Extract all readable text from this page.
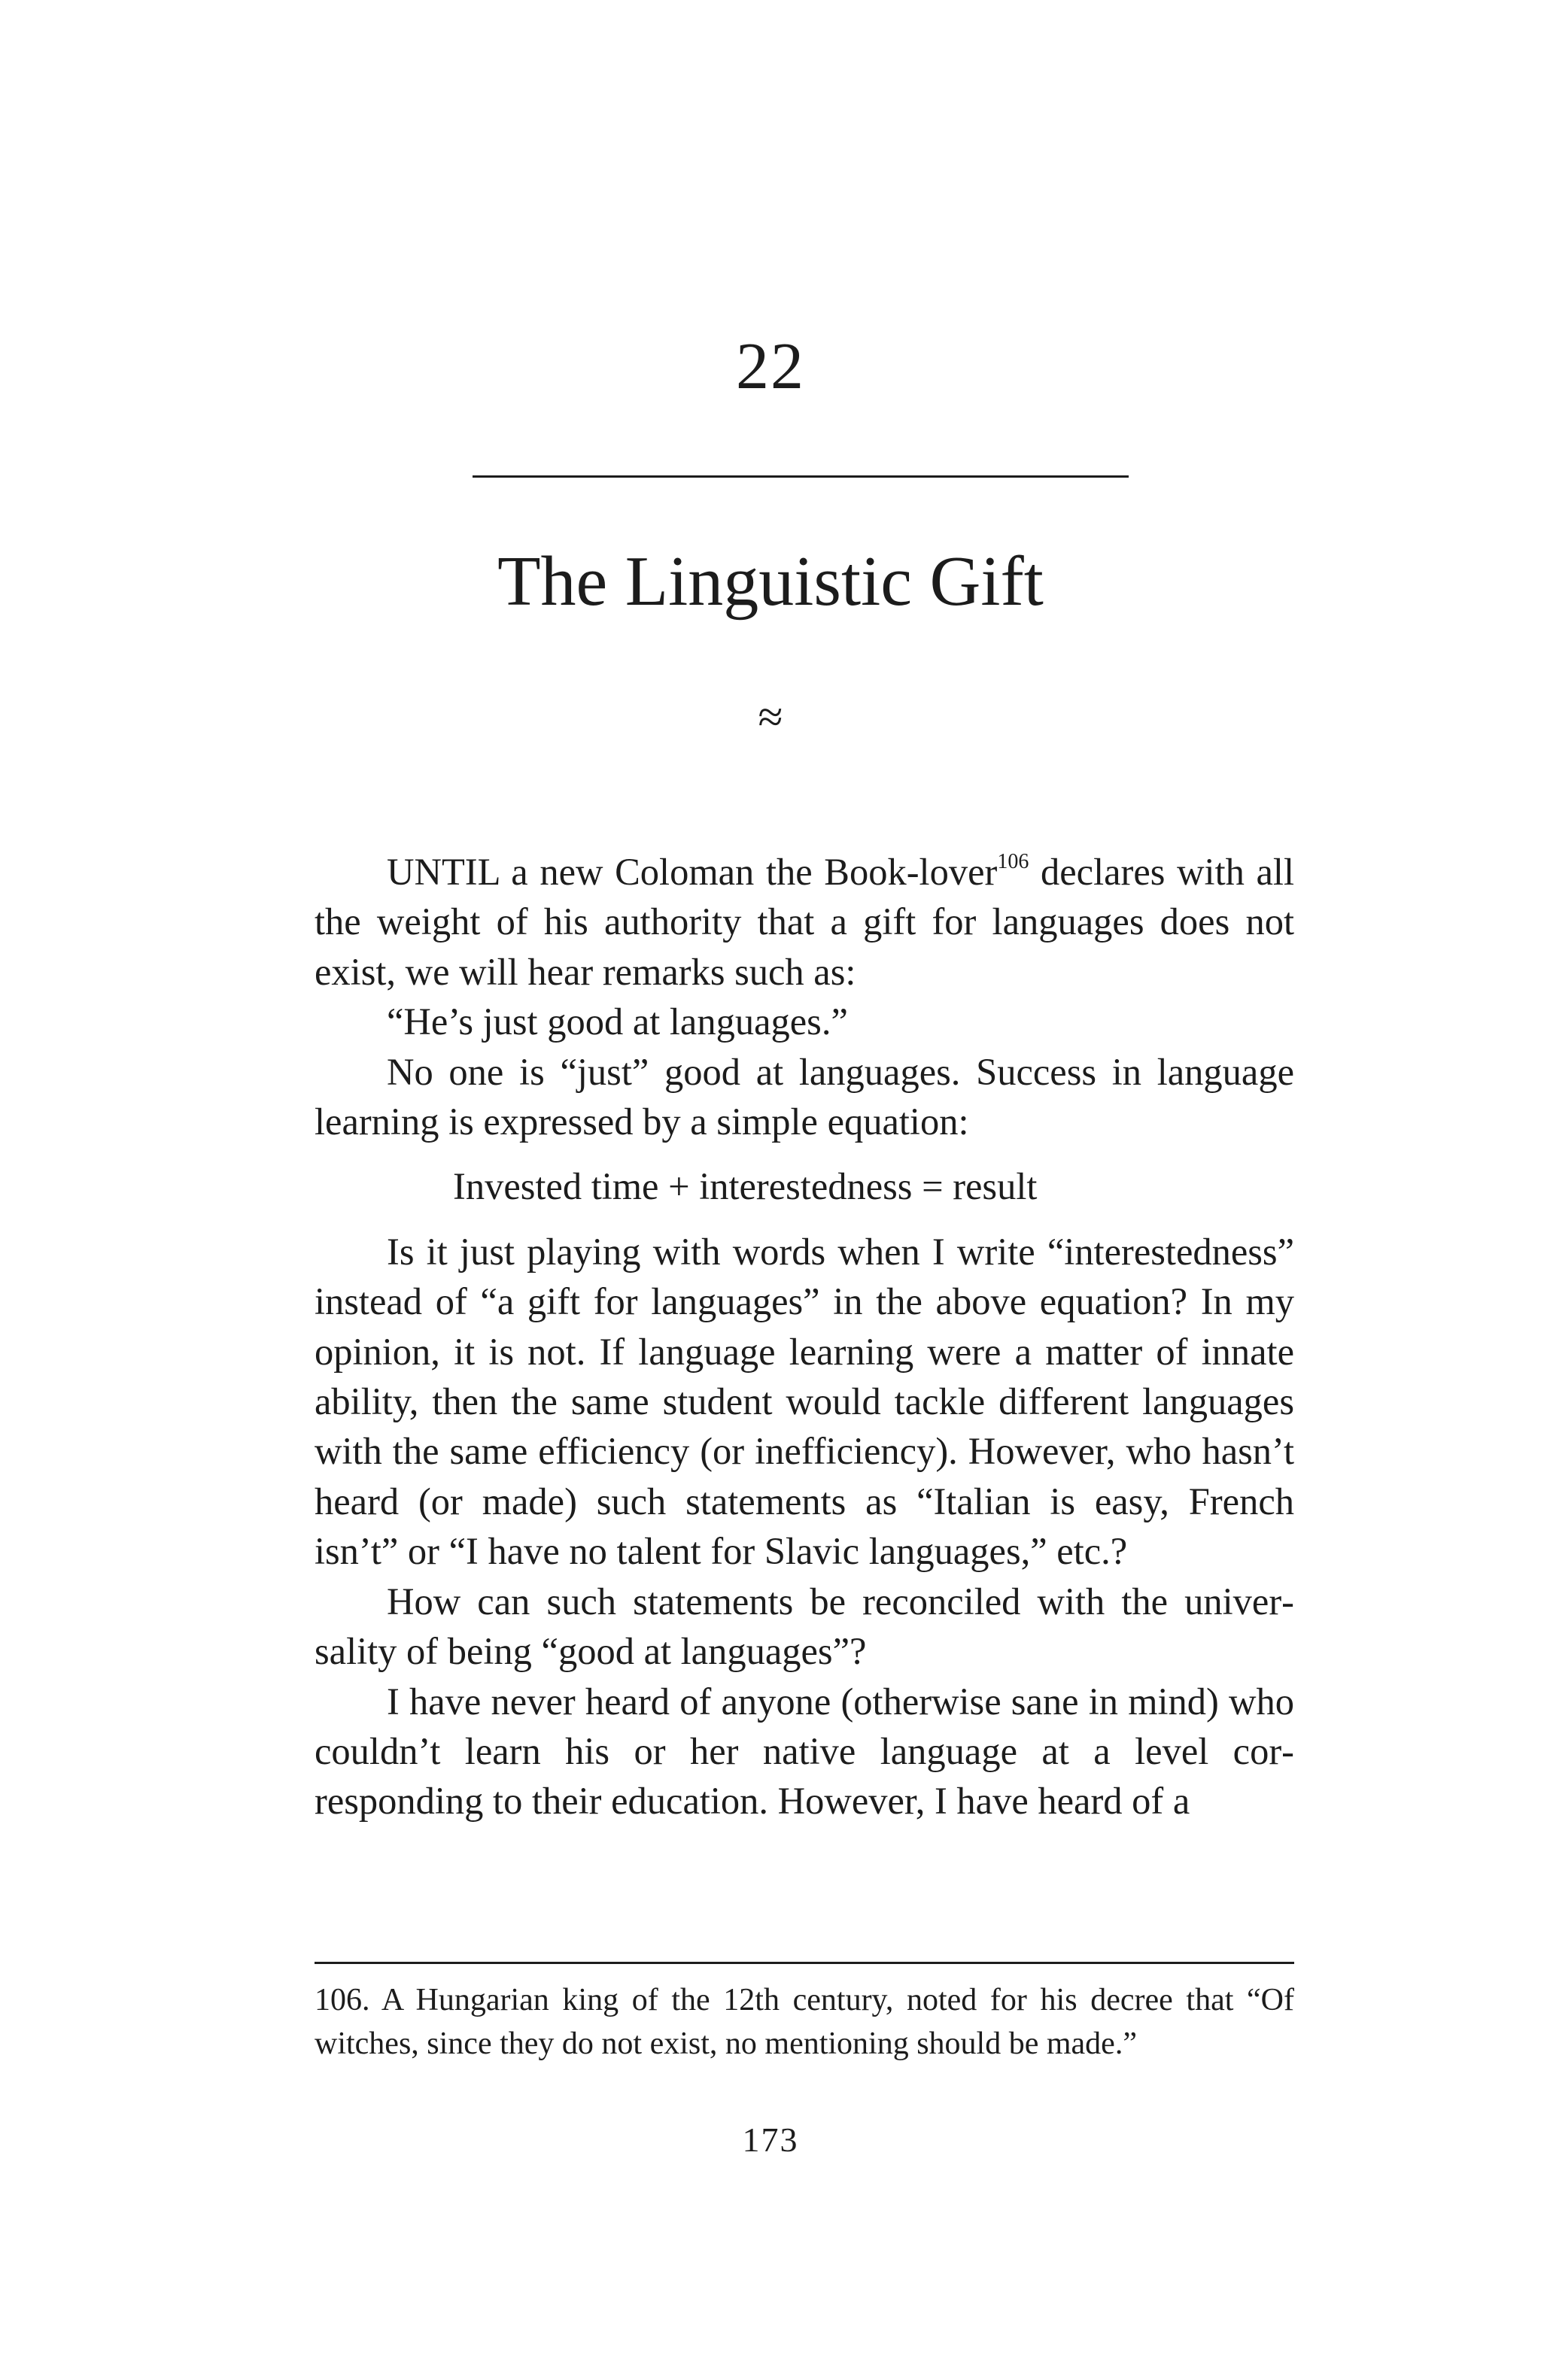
22
The Linguistic Gift
≈

UNTIL a new Coloman the Book-lover$^{106}$ declares with all the weight of his authority that a gift for languages does not exist, we will hear remarks such as:

“He’s just good at languages.”

No one is “just” good at languages. Success in language learning is expressed by a simple equation:

Invested time + interestedness = result

Is it just playing with words when I write “interestedness” instead of “a gift for languages” in the above equation? In my opinion, it is not. If language learning were a matter of innate ability, then the same student would tackle different languages with the same efficiency (or inefficiency). However, who hasn’t heard (or made) such statements as “Italian is easy, French isn’t” or “I have no talent for Slavic languages,” etc.?

How can such statements be reconciled with the universality of being “good at languages”?

I have never heard of anyone (otherwise sane in mind) who couldn’t learn his or her native language at a level corresponding to their education. However, I have heard of a

106. A Hungarian king of the 12th century, noted for his decree that “Of witches, since they do not exist, no mentioning should be made.”
173
